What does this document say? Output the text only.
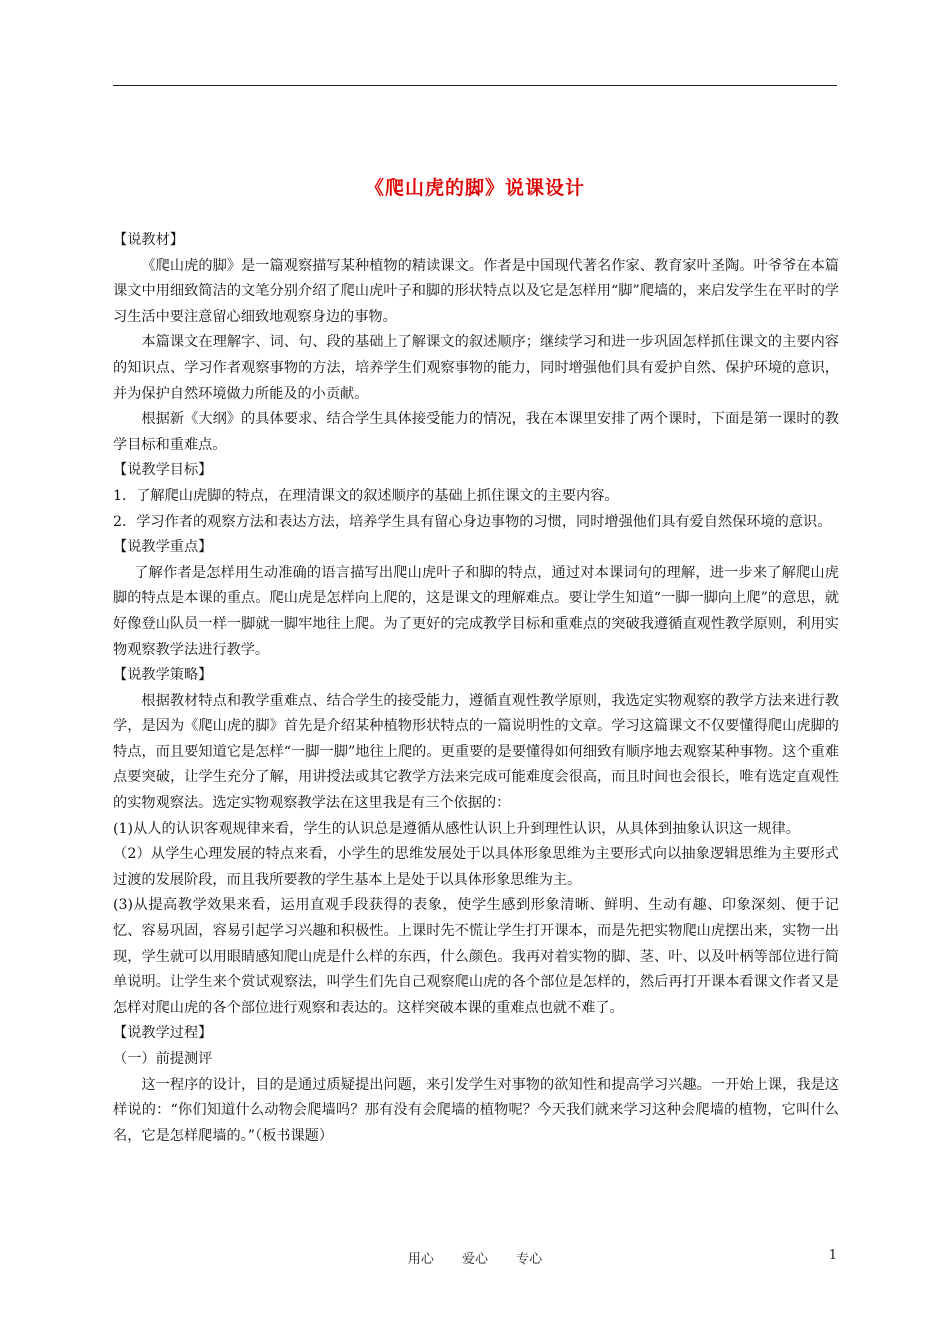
《爬山虎的脚》说课设计

【说教材】

《爬山虎的脚》是一篇观察描写某种植物的精读课文。作者是中国现代著名作家、教育家叶圣陶。叶爷爷在本篇课文中用细致简洁的文笔分别介绍了爬山虎叶子和脚的形状特点以及它是怎样用“脚”爬墙的，来启发学生在平时的学习生活中要注意留心细致地观察身边的事物。

本篇课文在理解字、词、句、段的基础上了解课文的叙述顺序；继续学习和进一步巩固怎样抓住课文的主要内容的知识点、学习作者观察事物的方法，培养学生们观察事物的能力，同时增强他们具有爱护自然、保护环境的意识，并为保护自然环境做力所能及的小贡献。

根据新《大纲》的具体要求、结合学生具体接受能力的情况，我在本课里安排了两个课时，下面是第一课时的教学目标和重难点。

【说教学目标】

1．了解爬山虎脚的特点，在理清课文的叙述顺序的基础上抓住课文的主要内容。

2．学习作者的观察方法和表达方法，培养学生具有留心身边事物的习惯，同时增强他们具有爱自然保环境的意识。

【说教学重点】

了解作者是怎样用生动准确的语言描写出爬山虎叶子和脚的特点，通过对本课词句的理解，进一步来了解爬山虎脚的特点是本课的重点。爬山虎是怎样向上爬的，这是课文的理解难点。要让学生知道“一脚一脚向上爬”的意思，就好像登山队员一样一脚就一脚牢地往上爬。为了更好的完成教学目标和重难点的突破我遵循直观性教学原则，利用实物观察教学法进行教学。

【说教学策略】

根据教材特点和教学重难点、结合学生的接受能力，遵循直观性教学原则，我选定实物观察的教学方法来进行教学，是因为《爬山虎的脚》首先是介绍某种植物形状特点的一篇说明性的文章。学习这篇课文不仅要懂得爬山虎脚的特点，而且要知道它是怎样“一脚一脚”地往上爬的。更重要的是要懂得如何细致有顺序地去观察某种事物。这个重难点要突破，让学生充分了解，用讲授法或其它教学方法来完成可能难度会很高，而且时间也会很长，唯有选定直观性的实物观察法。选定实物观察教学法在这里我是有三个依据的：

(1)从人的认识客观规律来看，学生的认识总是遵循从感性认识上升到理性认识，从具体到抽象认识这一规律。

（2）从学生心理发展的特点来看，小学生的思维发展处于以具体形象思维为主要形式向以抽象逻辑思维为主要形式过渡的发展阶段，而且我所要教的学生基本上是处于以具体形象思维为主。

(3)从提高教学效果来看，运用直观手段获得的表象，使学生感到形象清晰、鲜明、生动有趣、印象深刻、便于记忆、容易巩固，容易引起学习兴趣和积极性。上课时先不慌让学生打开课本，而是先把实物爬山虎摆出来，实物一出现，学生就可以用眼睛感知爬山虎是什么样的东西，什么颜色。我再对着实物的脚、茎、叶、以及叶柄等部位进行简单说明。让学生来个赏试观察法，叫学生们先自己观察爬山虎的各个部位是怎样的，然后再打开课本看课文作者又是怎样对爬山虎的各个部位进行观察和表达的。这样突破本课的重难点也就不难了。

【说教学过程】

（一）前提测评

这一程序的设计，目的是通过质疑提出问题，来引发学生对事物的欲知性和提高学习兴趣。一开始上课，我是这样说的：“你们知道什么动物会爬墙吗？那有没有会爬墙的植物呢？今天我们就来学习这种会爬墙的植物，它叫什么名，它是怎样爬墙的。”（板书课题）

用心 爱心 专心	1
